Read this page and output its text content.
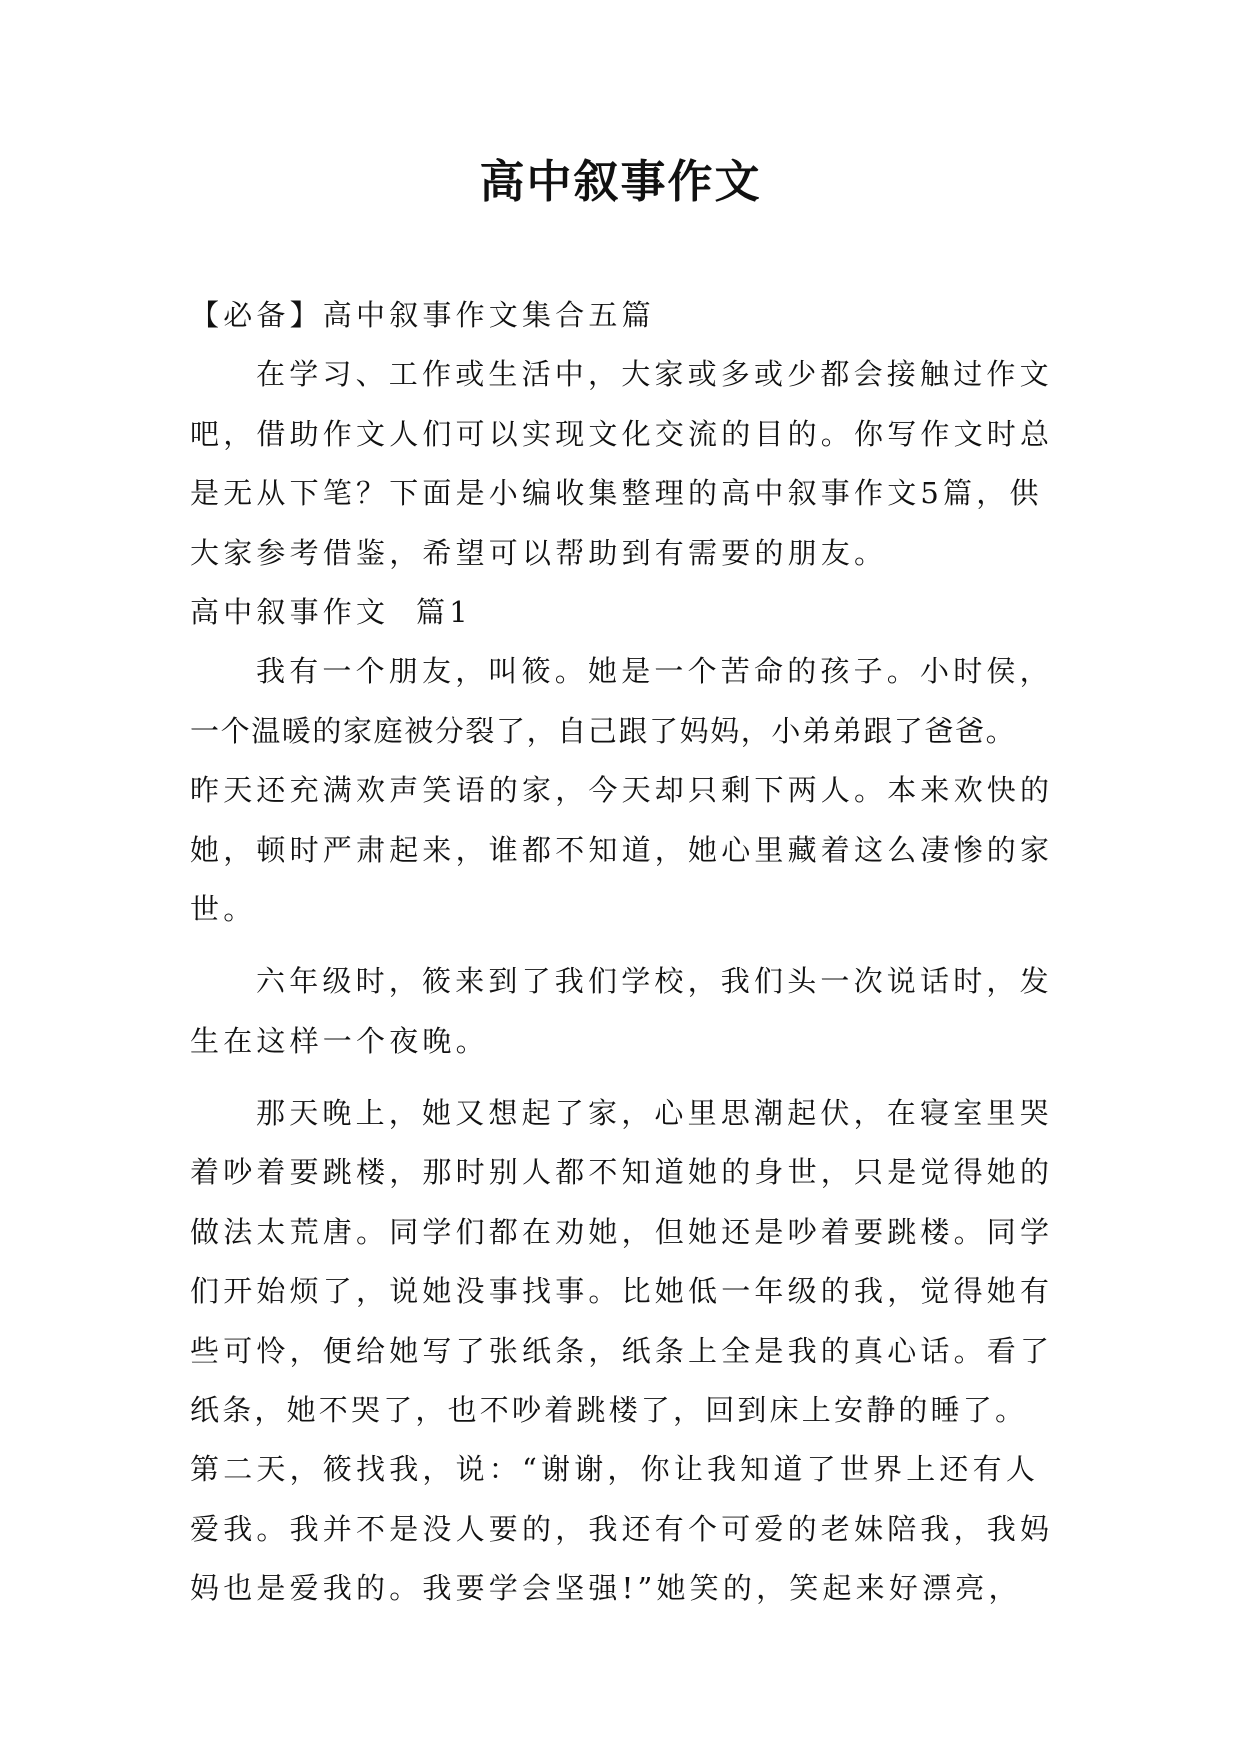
高中叙事作文
【必备】高中叙事作文集合五篇
在学习、工作或生活中，大家或多或少都会接触过作文
吧，借助作文人们可以实现文化交流的目的。你写作文时总
是无从下笔？下面是小编收集整理的高中叙事作文5篇，供
大家参考借鉴，希望可以帮助到有需要的朋友。
高中叙事作文  篇1
我有一个朋友，叫筱。她是一个苦命的孩子。小时侯，
一个温暖的家庭被分裂了，自己跟了妈妈，小弟弟跟了爸爸。
昨天还充满欢声笑语的家，今天却只剩下两人。本来欢快的
她，顿时严肃起来，谁都不知道，她心里藏着这么凄惨的家
世。
六年级时，筱来到了我们学校，我们头一次说话时，发
生在这样一个夜晚。
那天晚上，她又想起了家，心里思潮起伏，在寝室里哭
着吵着要跳楼，那时别人都不知道她的身世，只是觉得她的
做法太荒唐。同学们都在劝她，但她还是吵着要跳楼。同学
们开始烦了，说她没事找事。比她低一年级的我，觉得她有
些可怜，便给她写了张纸条，纸条上全是我的真心话。看了
纸条，她不哭了，也不吵着跳楼了，回到床上安静的睡了。
第二天，筱找我，说：“谢谢，你让我知道了世界上还有人
爱我。我并不是没人要的，我还有个可爱的老妹陪我，我妈
妈也是爱我的。我要学会坚强!”她笑的，笑起来好漂亮，
